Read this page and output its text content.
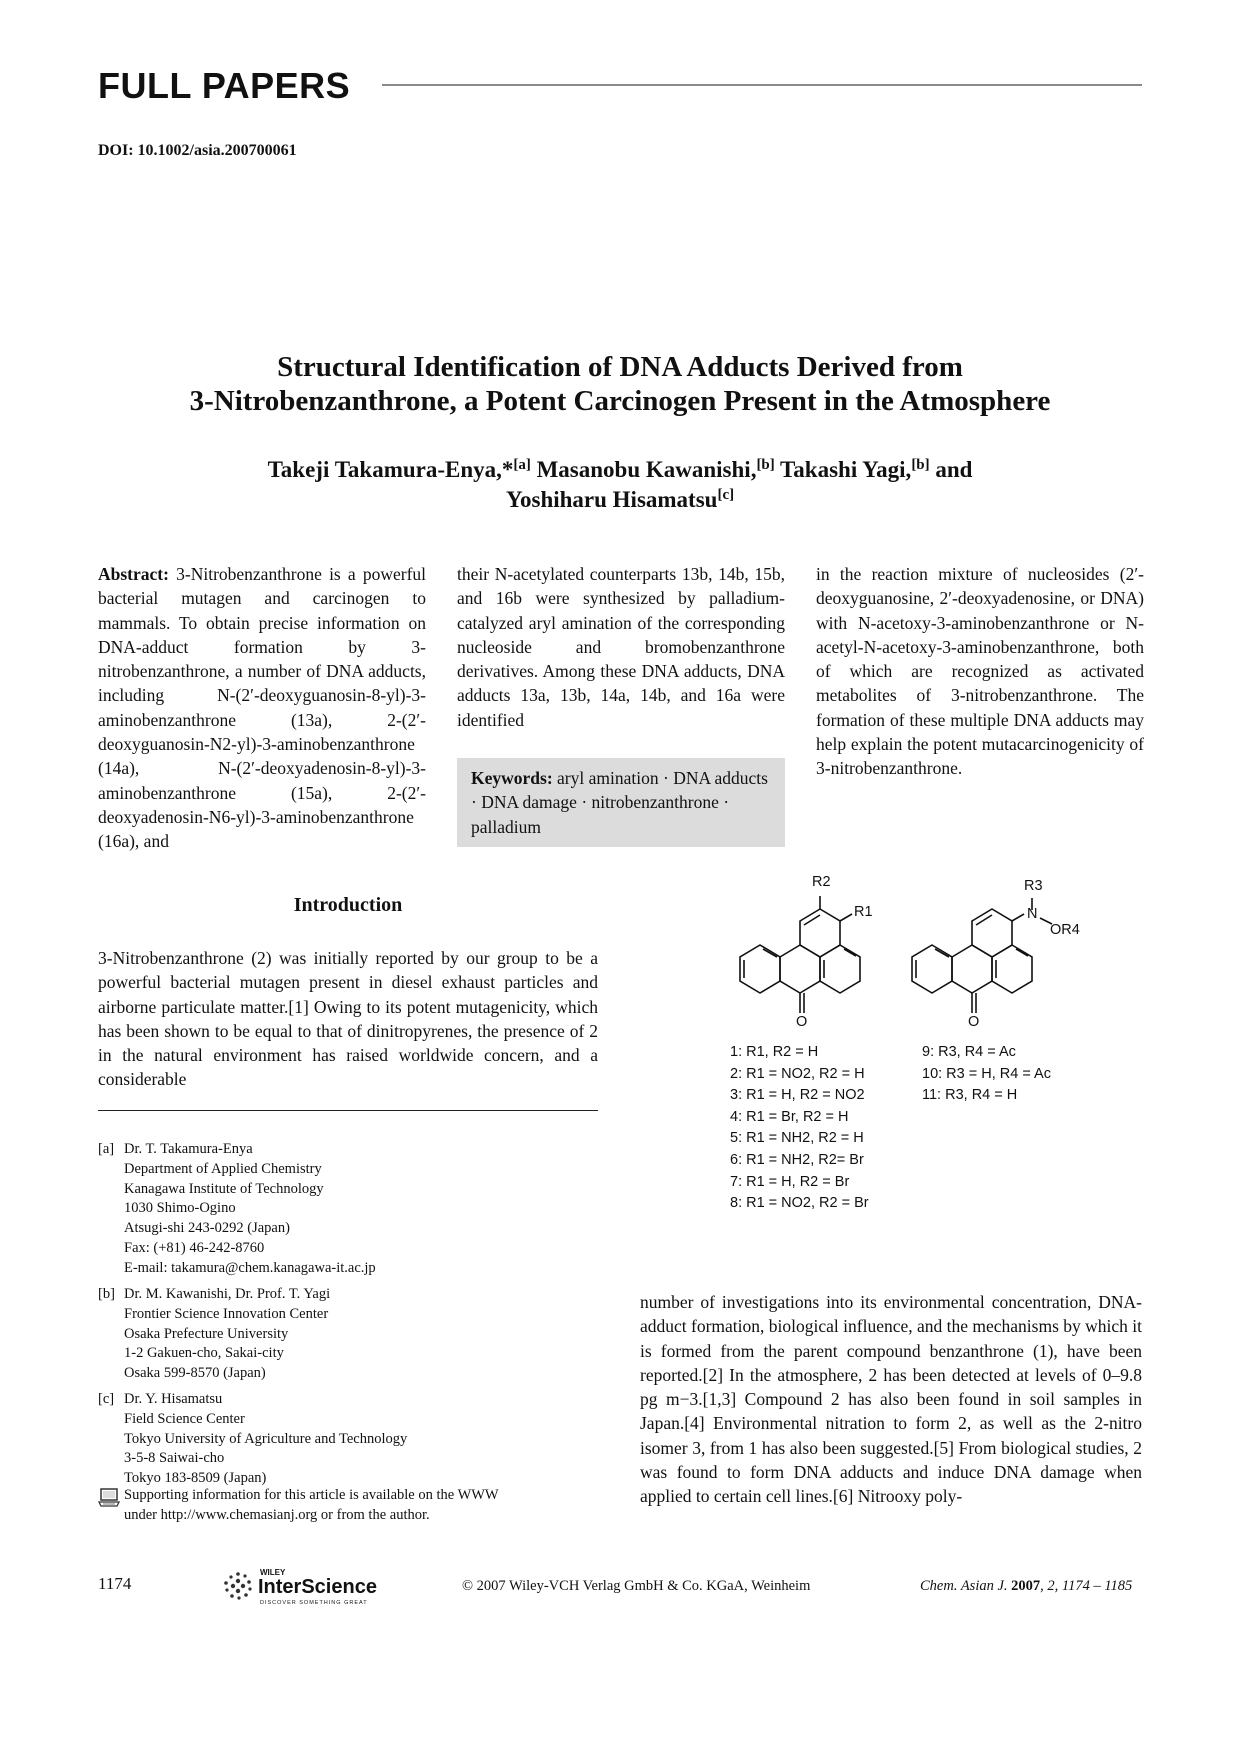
FULL PAPERS
DOI: 10.1002/asia.200700061
Structural Identification of DNA Adducts Derived from
3-Nitrobenzanthrone, a Potent Carcinogen Present in the Atmosphere
Takeji Takamura-Enya,*[a] Masanobu Kawanishi,[b] Takashi Yagi,[b] and
Yoshiharu Hisamatsu[c]

Abstract: 3-Nitrobenzanthrone is a powerful bacterial mutagen and carcinogen to mammals. To obtain precise information on DNA-adduct formation by 3-nitrobenzanthrone, a number of DNA adducts, including N-(2′-deoxyguanosin-8-yl)-3-aminobenzanthrone (13a), 2-(2′-deoxyguanosin-N2-yl)-3-aminobenzanthrone (14a), N-(2′-deoxyadenosin-8-yl)-3-aminobenzanthrone (15a), 2-(2′-deoxyadenosin-N6-yl)-3-aminobenzanthrone (16a), and

their N-acetylated counterparts 13b, 14b, 15b, and 16b were synthesized by palladium-catalyzed aryl amination of the corresponding nucleoside and bromobenzanthrone derivatives. Among these DNA adducts, DNA adducts 13a, 13b, 14a, 14b, and 16a were identified

in the reaction mixture of nucleosides (2′-deoxyguanosine, 2′-deoxyadenosine, or DNA) with N-acetoxy-3-aminobenzanthrone or N-acetyl-N-acetoxy-3-aminobenzanthrone, both of which are recognized as activated metabolites of 3-nitrobenzanthrone. The formation of these multiple DNA adducts may help explain the potent mutacarcinogenicity of 3-nitrobenzanthrone.

Keywords: aryl amination · DNA adducts · DNA damage · nitrobenzanthrone · palladium
Introduction
3-Nitrobenzanthrone (2) was initially reported by our group to be a powerful bacterial mutagen present in diesel exhaust particles and airborne particulate matter.[1] Owing to its potent mutagenicity, which has been shown to be equal to that of dinitropyrenes, the presence of 2 in the natural environment has raised worldwide concern, and a considerable
[a] Dr. T. Takamura-Enya
Department of Applied Chemistry
Kanagawa Institute of Technology
1030 Shimo-Ogino
Atsugi-shi 243-0292 (Japan)
Fax: (+81) 46-242-8760
E-mail: takamura@chem.kanagawa-it.ac.jp
[b] Dr. M. Kawanishi, Dr. Prof. T. Yagi
Frontier Science Innovation Center
Osaka Prefecture University
1-2 Gakuen-cho, Sakai-city
Osaka 599-8570 (Japan)
[c] Dr. Y. Hisamatsu
Field Science Center
Tokyo University of Agriculture and Technology
3-5-8 Saiwai-cho
Tokyo 183-8509 (Japan)
Supporting information for this article is available on the WWW
under http://www.chemasianj.org or from the author.
number of investigations into its environmental concentration, DNA-adduct formation, biological influence, and the mechanisms by which it is formed from the parent compound benzanthrone (1), have been reported.[2] In the atmosphere, 2 has been detected at levels of 0–9.8 pg m−3.[1,3] Compound 2 has also been found in soil samples in Japan.[4] Environmental nitration to form 2, as well as the 2-nitro isomer 3, from 1 has also been suggested.[5] From biological studies, 2 was found to form DNA adducts and induce DNA damage when applied to certain cell lines.[6] Nitrooxy poly-
R2
R1
O
R3
N
OR4
O
1: R1, R2 = H
2: R1 = NO2, R2 = H
3: R1 = H, R2 = NO2
4: R1 = Br, R2 = H
5: R1 = NH2, R2 = H
6: R1 = NH2, R2= Br
7: R1 = H, R2 = Br
8: R1 = NO2, R2 = Br
9: R3, R4 = Ac
10: R3 = H, R4 = Ac
11: R3, R4 = H
1174
WILEY
InterScience
DISCOVER SOMETHING GREAT
© 2007 Wiley-VCH Verlag GmbH & Co. KGaA, Weinheim	Chem. Asian J. 2007, 2, 1174 – 1185
